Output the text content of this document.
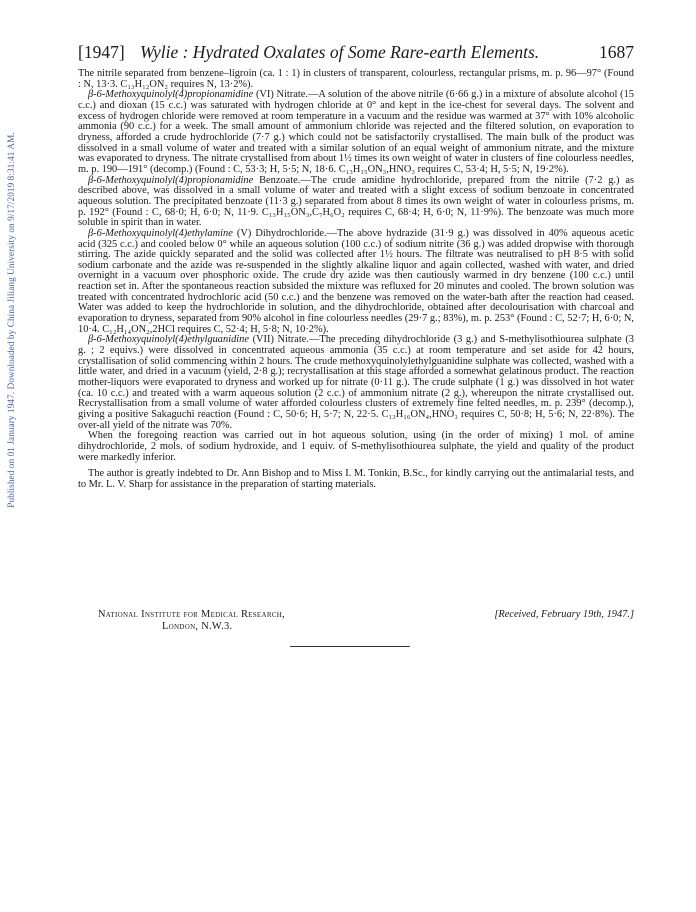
Published on 01 January 1947. Downloaded by China Jiliang University on 9/17/2019 8:31:41 AM.
[1947] Wylie : Hydrated Oxalates of Some Rare-earth Elements.	1687

The nitrile separated from benzene–ligroin (ca. 1 : 1) in clusters of transparent, colourless, rectangular prisms, m. p. 96—97° (Found : N, 13·3. C₁₃H₁₂ON₂ requires N, 13·2%).

β-6-Methoxyquinolyl(4)propionamidine (VI) Nitrate.—A solution of the above nitrile (6·66 g.) in a mixture of absolute alcohol (15 c.c.) and dioxan (15 c.c.) was saturated with hydrogen chloride at 0° and kept in the ice-chest for several days. The solvent and excess of hydrogen chloride were removed at room temperature in a vacuum and the residue was warmed at 37° with 10% alcoholic ammonia (90 c.c.) for a week. The small amount of ammonium chloride was rejected and the filtered solution, on evaporation to dryness, afforded a crude hydrochloride (7·7 g.) which could not be satisfactorily crystallised. The main bulk of the product was dissolved in a small volume of water and treated with a similar solution of an equal weight of ammonium nitrate, and the mixture was evaporated to dryness. The nitrate crystallised from about 1½ times its own weight of water in clusters of fine colourless needles, m. p. 190—191° (decomp.) (Found : C, 53·3; H, 5·5; N, 18·6. C₁₃H₁₅ON₃,HNO₃ requires C, 53·4; H, 5·5; N, 19·2%).

β-6-Methoxyquinolyl(4)propionamidine Benzoate.—The crude amidine hydrochloride, prepared from the nitrile (7·2 g.) as described above, was dissolved in a small volume of water and treated with a slight excess of sodium benzoate in concentrated aqueous solution. The precipitated benzoate (11·3 g.) separated from about 8 times its own weight of water in colourless prisms, m. p. 192° (Found : C, 68·0; H, 6·0; N, 11·9. C₁₃H₁₅ON₃,C₇H₆O₂ requires C, 68·4; H, 6·0; N, 11·9%). The benzoate was much more soluble in spirit than in water.

β-6-Methoxyquinolyl(4)ethylamine (V) Dihydrochloride.—The above hydrazide (31·9 g.) was dissolved in 40% aqueous acetic acid (325 c.c.) and cooled below 0° while an aqueous solution (100 c.c.) of sodium nitrite (36 g.) was added dropwise with thorough stirring. The azide quickly separated and the solid was collected after 1½ hours. The filtrate was neutralised to pH 8·5 with solid sodium carbonate and the azide was re-suspended in the slightly alkaline liquor and again collected, washed with water, and dried overnight in a vacuum over phosphoric oxide. The crude dry azide was then cautiously warmed in dry benzene (100 c.c.) until reaction set in. After the spontaneous reaction subsided the mixture was refluxed for 20 minutes and cooled. The brown solution was treated with concentrated hydrochloric acid (50 c.c.) and the benzene was removed on the water-bath after the reaction had ceased. Water was added to keep the hydrochloride in solution, and the dihydrochloride, obtained after decolourisation with charcoal and evaporation to dryness, separated from 90% alcohol in fine colourless needles (29·7 g.; 83%), m. p. 253° (Found : C, 52·7; H, 6·0; N, 10·4. C₁₂H₁₄ON₂,2HCl requires C, 52·4; H, 5·8; N, 10·2%).

β-6-Methoxyquinolyl(4)ethylguanidine (VII) Nitrate.—The preceding dihydrochloride (3 g.) and S-methylisothiourea sulphate (3 g. ; 2 equivs.) were dissolved in concentrated aqueous ammonia (35 c.c.) at room temperature and set aside for 42 hours, crystallisation of solid commencing within 2 hours. The crude methoxyquinolylethylguanidine sulphate was collected, washed with a little water, and dried in a vacuum (yield, 2·8 g.); recrystallisation at this stage afforded a somewhat gelatinous product. The reaction mother-liquors were evaporated to dryness and worked up for nitrate (0·11 g.). The crude sulphate (1 g.) was dissolved in hot water (ca. 10 c.c.) and treated with a warm aqueous solution (2 c.c.) of ammonium nitrate (2 g.), whereupon the nitrate crystallised out. Recrystallisation from a small volume of water afforded colourless clusters of extremely fine felted needles, m. p. 239° (decomp.), giving a positive Sakaguchi reaction (Found : C, 50·6; H, 5·7; N, 22·5. C₁₃H₁₆ON₄,HNO₃ requires C, 50·8; H, 5·6; N, 22·8%). The over-all yield of the nitrate was 70%.

When the foregoing reaction was carried out in hot aqueous solution, using (in the order of mixing) 1 mol. of amine dihydrochloride, 2 mols. of sodium hydroxide, and 1 equiv. of S-methylisothiourea sulphate, the yield and quality of the product were markedly inferior.

The author is greatly indebted to Dr. Ann Bishop and to Miss I. M. Tonkin, B.Sc., for kindly carrying out the antimalarial tests, and to Mr. L. V. Sharp for assistance in the preparation of starting materials.

National Institute for Medical Research,
London, N.W.3.
[Received, February 19th, 1947.]
